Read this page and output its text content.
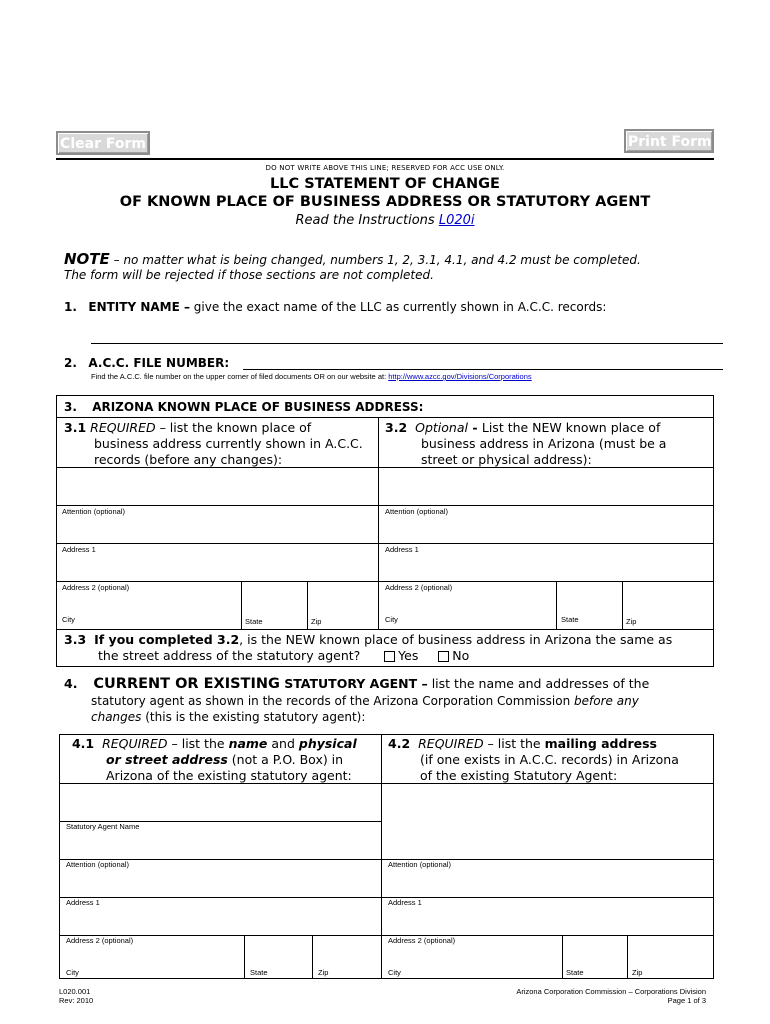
Clear Form	Print Form
DO NOT WRITE ABOVE THIS LINE; RESERVED FOR ACC USE ONLY.
LLC STATEMENT OF CHANGE
OF KNOWN PLACE OF BUSINESS ADDRESS OR STATUTORY AGENT
Read the Instructions L020i
NOTE – no matter what is being changed, numbers 1, 2, 3.1, 4.1, and 4.2 must be completed.
The form will be rejected if those sections are not completed.
1. ENTITY NAME – give the exact name of the LLC as currently shown in A.C.C. records:
2. A.C.C. FILE NUMBER:
Find the A.C.C. file number on the upper corner of filed documents OR on our website at: http://www.azcc.gov/Divisions/Corporations
3. ARIZONA KNOWN PLACE OF BUSINESS ADDRESS:
3.1 REQUIRED – list the known place of
business address currently shown in A.C.C.
records (before any changes):
3.2 Optional - List the NEW known place of
business address in Arizona (must be a
street or physical address):
Attention (optional)
Address 1
Address 2 (optional)
City	State	Zip
Attention (optional)
Address 1
Address 2 (optional)
City	State	Zip
3.3 If you completed 3.2, is the NEW known place of business address in Arizona the same as
the street address of the statutory agent?	Yes	No
4. CURRENT OR EXISTING STATUTORY AGENT – list the name and addresses of the
statutory agent as shown in the records of the Arizona Corporation Commission before any
changes (this is the existing statutory agent):
4.1 REQUIRED – list the name and physical
or street address (not a P.O. Box) in
Arizona of the existing statutory agent:
4.2 REQUIRED – list the mailing address
(if one exists in A.C.C. records) in Arizona
of the existing Statutory Agent:
Statutory Agent Name
Attention (optional)
Address 1
Address 2 (optional)
City	State	Zip
Attention (optional)
Address 1
Address 2 (optional)
City	State	Zip
L020.001
Rev: 2010
Arizona Corporation Commission – Corporations Division
Page 1 of 3
